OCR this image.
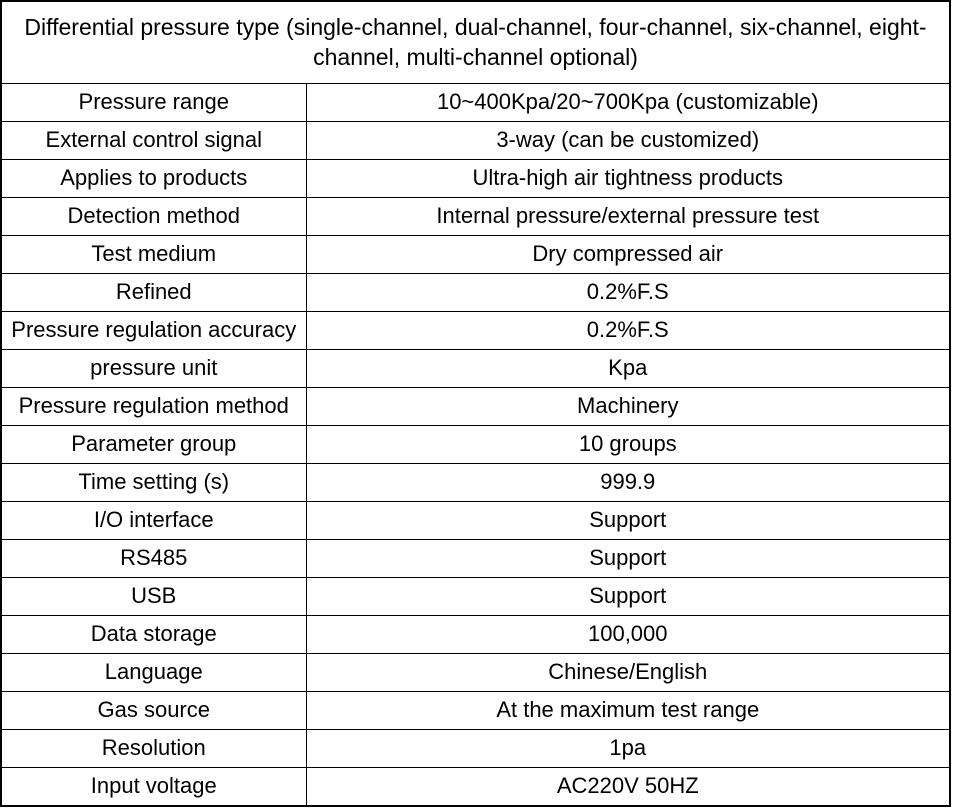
Differential pressure type (single-channel, dual-channel, four-channel, six-channel, eight-channel, multi-channel optional)	
Pressure range	10~400Kpa/20~700Kpa (customizable)
External control signal	3-way (can be customized)
Applies to products	Ultra-high air tightness products
Detection method	Internal pressure/external pressure test
Test medium	Dry compressed air
Refined	0.2%F.S
Pressure regulation accuracy	0.2%F.S
pressure unit	Kpa
Pressure regulation method	Machinery
Parameter group	10 groups
Time setting (s)	999.9
I/O interface	Support
RS485	Support
USB	Support
Data storage	100,000
Language	Chinese/English
Gas source	At the maximum test range
Resolution	1pa
Input voltage	AC220V 50HZ
